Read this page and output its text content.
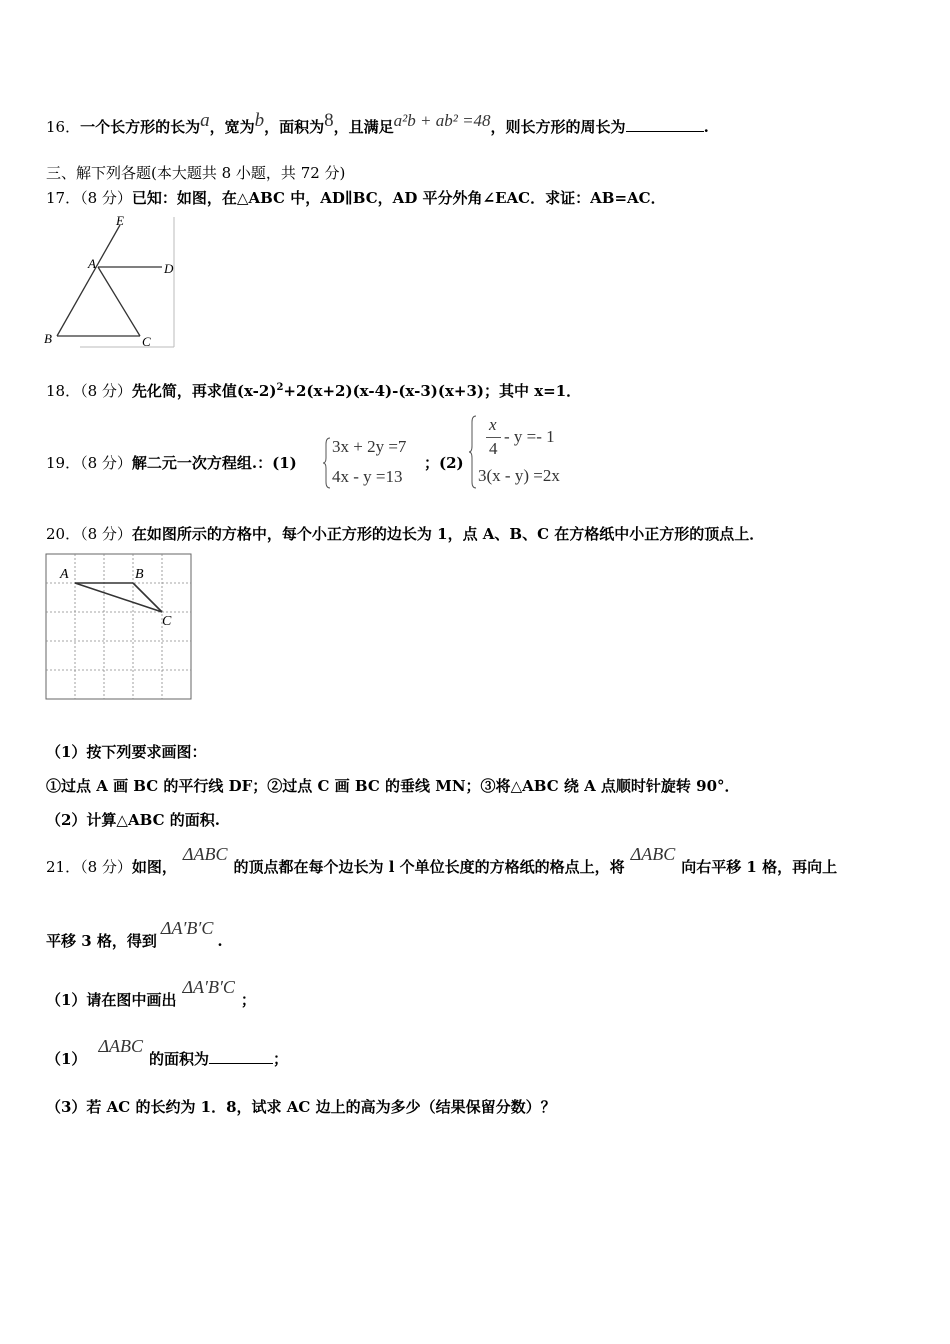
16．一个长方形的长为a，宽为b，面积为8，且满足a²b + ab² =48，则长方形的周长为	.
三、解下列各题(本大题共 8 小题，共 72 分)
17．（8 分）已知：如图，在△ABC 中，AD∥BC，AD 平分外角∠EAC．求证：AB=AC．
E
A	D
B	C
18．（8 分）先化简，再求值$(x-2)^2+2(x+2)(x-4)-(x-3)(x+3)$；其中 x=1．
19．（8 分）解二元一次方程组.：(1)
3x + 2y =7
4x - y =13
；(2)
x
4
- y =- 1
3(x - y) =2x
20．（8 分）在如图所示的方格中，每个小正方形的边长为 1，点 A、B、C 在方格纸中小正方形的顶点上．
A	B
C
（1）按下列要求画图：
①过点 A 画 BC 的平行线 DF；②过点 C 画 BC 的垂线 MN；③将△ABC 绕 A 点顺时针旋转 90°．
（2）计算△ABC 的面积.
21．（8 分）如图，ΔABC的顶点都在每个边长为 l 个单位长度的方格纸的格点上，将ΔABC向右平移 1 格，再向上
平移 3 格，得到ΔA′B′C.
（1）请在图中画出ΔA′B′C；
（1）ΔABC的面积为	；
（3）若 AC 的长约为 1．8，试求 AC 边上的高为多少（结果保留分数）？
